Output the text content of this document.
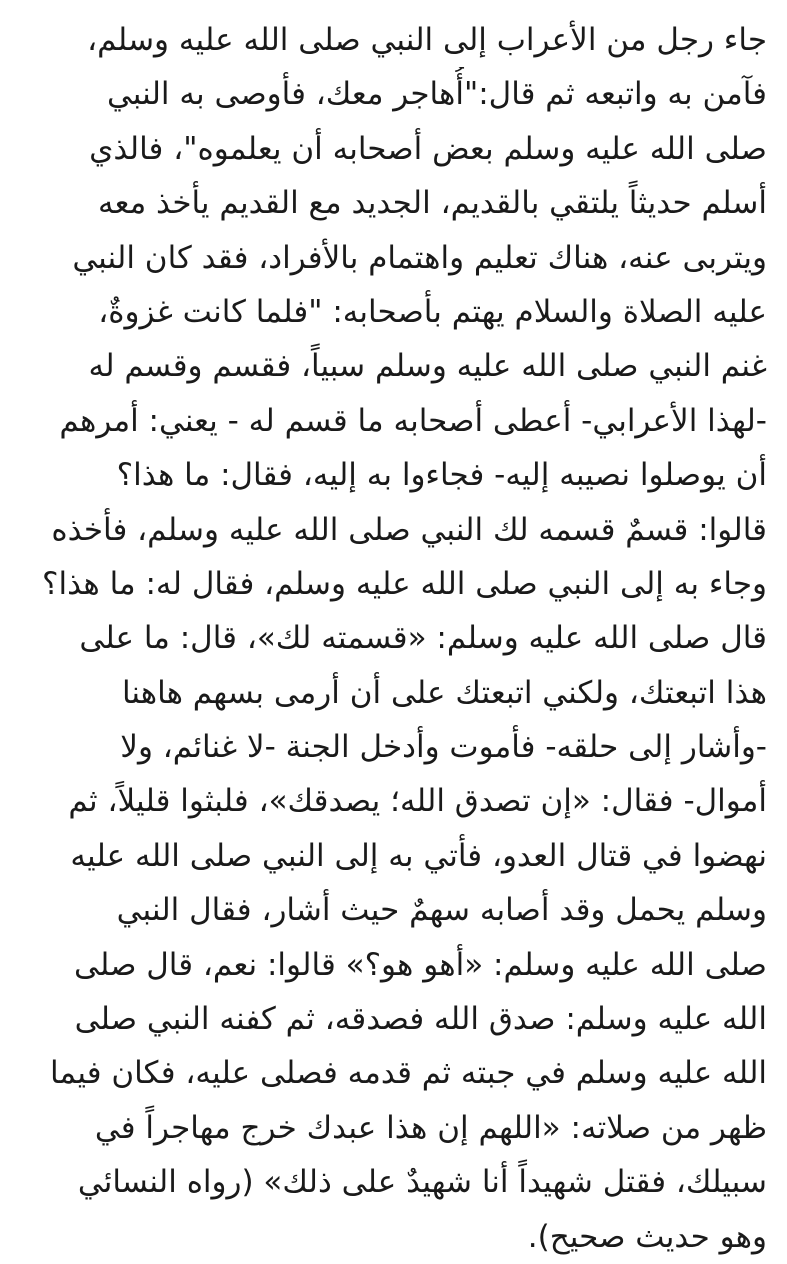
جاء رجل من الأعراب إلى النبي صلى الله عليه وسلم،
فآمن به واتبعه ثم قال:"أُهاجر معك، فأوصى به النبي
صلى الله عليه وسلم بعض أصحابه أن يعلموه"، فالذي
أسلم حديثاً يلتقي بالقديم، الجديد مع القديم يأخذ معه
ويتربى عنه، هناك تعليم واهتمام بالأفراد، فقد كان النبي
عليه الصلاة والسلام يهتم بأصحابه: "فلما كانت غزوةٌ،
غنم النبي صلى الله عليه وسلم سبياً، فقسم وقسم له
-لهذا الأعرابي- أعطى أصحابه ما قسم له - يعني: أمرهم
أن يوصلوا نصيبه إليه- فجاءوا به إليه، فقال: ما هذا؟
قالوا: قسمٌ قسمه لك النبي صلى الله عليه وسلم، فأخذه
وجاء به إلى النبي صلى الله عليه وسلم، فقال له: ما هذا؟
قال صلى الله عليه وسلم: «قسمته لك»، قال: ما على
هذا اتبعتك، ولكني اتبعتك على أن أرمى بسهم هاهنا
-وأشار إلى حلقه- فأموت وأدخل الجنة -لا غنائم، ولا
أموال- فقال: «إن تصدق الله؛ يصدقك»، فلبثوا قليلاً، ثم
نهضوا في قتال العدو، فأتي به إلى النبي صلى الله عليه
وسلم يحمل وقد أصابه سهمٌ حيث أشار، فقال النبي
صلى الله عليه وسلم: «أهو هو؟» قالوا: نعم، قال صلى
الله عليه وسلم: صدق الله فصدقه، ثم كفنه النبي صلى
الله عليه وسلم في جبته ثم قدمه فصلى عليه، فكان فيما
ظهر من صلاته: «اللهم إن هذا عبدك خرج مهاجراً في
سبيلك، فقتل شهيداً أنا شهيدٌ على ذلك» (رواه النسائي
وهو حديث صحيح).
